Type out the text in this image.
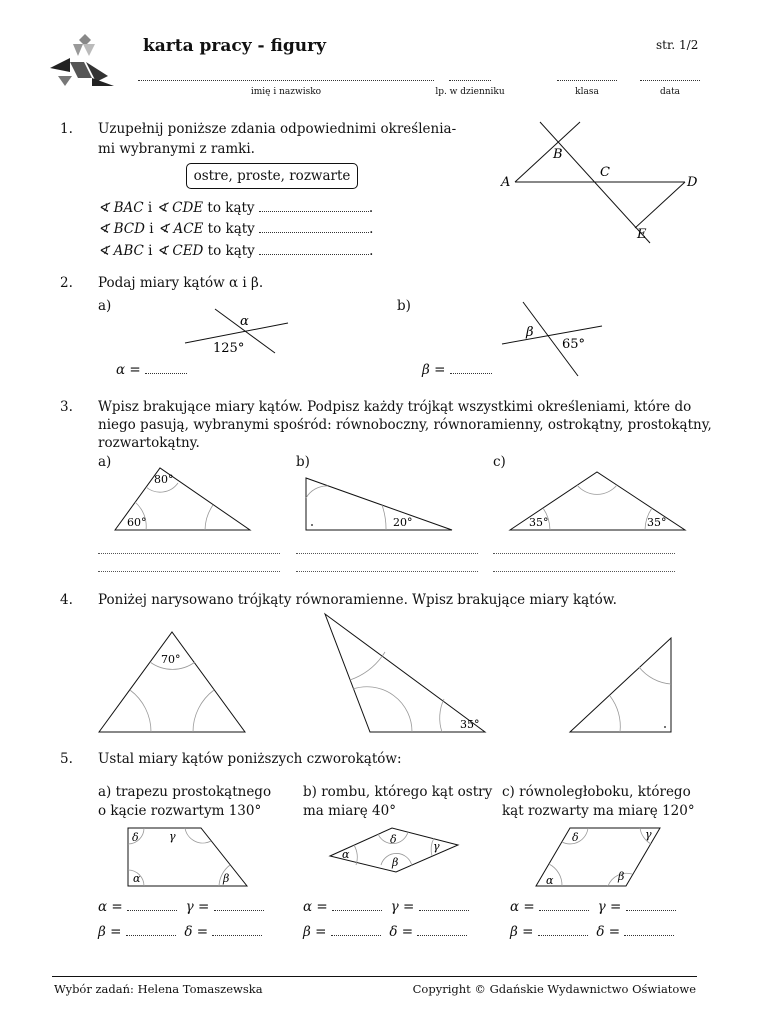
karta pracy - figury	str. 1/2
imię i nazwisko	lp. w dzienniku	klasa	data
1. Uzupełnij poniższe zdania odpowiednimi określenia-
mi wybranymi z ramki.
ostre, proste, rozwarte
∢ BAC i ∢ CDE to kąty	.
∢ BCD i ∢ ACE to kąty	.
∢ ABC i ∢ CED to kąty	.
A
B
C
D
E
2. Podaj miary kątów α i β.
a)	b)
α
125°
β
65°
α =	β =
3. Wpisz brakujące miary kątów. Podpisz każdy trójkąt wszystkimi określeniami, które do
niego pasują, wybranymi spośród: równoboczny, równoramienny, ostrokątny, prostokątny,
rozwartokątny.
a)	b)	c)
80°
60°	20°	35°	35°
4. Poniżej narysowano trójkąty równoramienne. Wpisz brakujące miary kątów.
70°
35°
5. Ustal miary kątów poniższych czworokątów:
a) trapezu prostokątnego
o kącie rozwartym 130°
b) rombu, którego kąt ostry
ma miarę 40°
c) równoległoboku, którego
kąt rozwarty ma miarę 120°
δ	γ
α	β
α
δ
γ
β
α
δ	γ
β
α =	γ =
β =	δ =
α =	γ =
β =	δ =
α =	γ =
β =	δ =
Wybór zadań: Helena Tomaszewska	Copyright © Gdańskie Wydawnictwo Oświatowe
